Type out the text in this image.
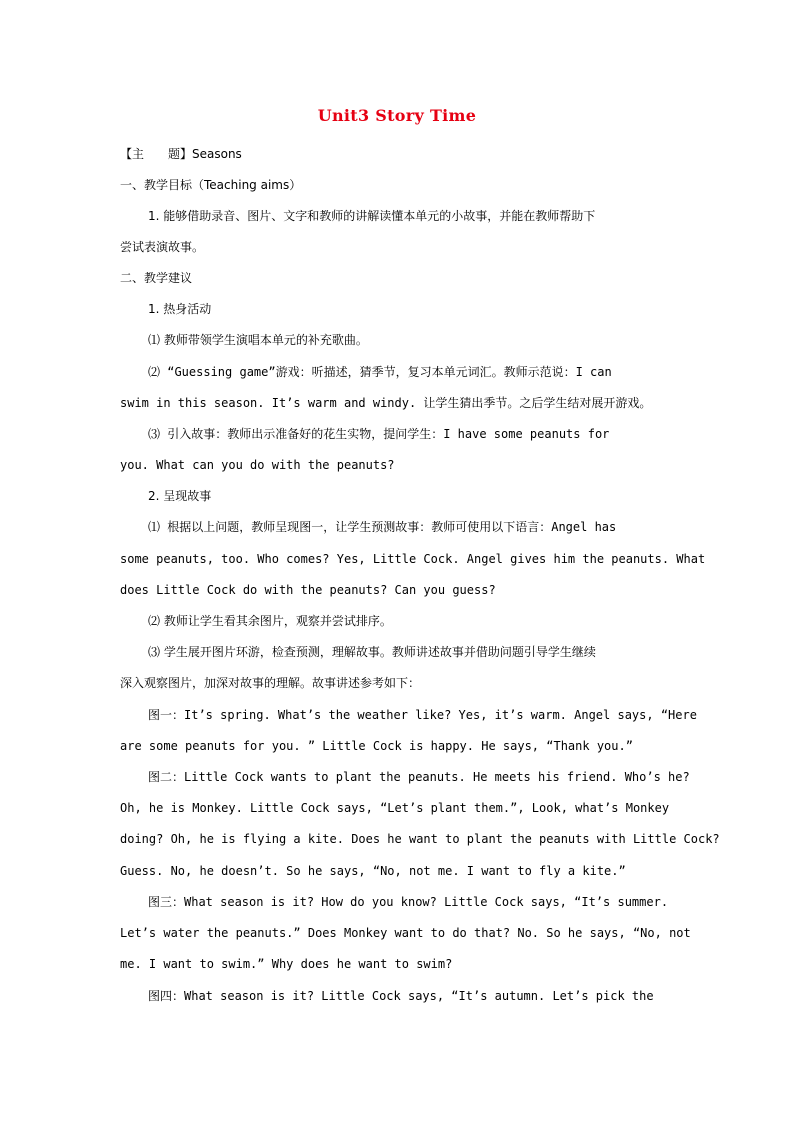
Unit3 Story Time
【主　　题】Seasons
一、教学目标（Teaching aims）
1. 能够借助录音、图片、文字和教师的讲解读懂本单元的小故事，并能在教师帮助下
尝试表演故事。
二、教学建议
1. 热身活动
⑴ 教师带领学生演唱本单元的补充歌曲。
⑵ “Guessing game”游戏：听描述，猜季节，复习本单元词汇。教师示范说：I can
swim in this season. It’s warm and windy. 让学生猜出季节。之后学生结对展开游戏。
⑶ 引入故事：教师出示准备好的花生实物，提问学生：I have some peanuts for
you. What can you do with the peanuts?
2. 呈现故事
⑴ 根据以上问题，教师呈现图一，让学生预测故事：教师可使用以下语言：Angel has
some peanuts, too. Who comes? Yes, Little Cock. Angel gives him the peanuts. What
does Little Cock do with the peanuts? Can you guess?
⑵ 教师让学生看其余图片，观察并尝试排序。
⑶ 学生展开图片环游，检查预测，理解故事。教师讲述故事并借助问题引导学生继续
深入观察图片，加深对故事的理解。故事讲述参考如下：
图一：It’s spring. What’s the weather like? Yes, it’s warm. Angel says, “Here
are some peanuts for you. ” Little Cock is happy. He says, “Thank you.”
图二：Little Cock wants to plant the peanuts. He meets his friend. Who’s he?
Oh, he is Monkey. Little Cock says, “Let’s plant them.”, Look, what’s Monkey
doing? Oh, he is flying a kite. Does he want to plant the peanuts with Little Cock?
Guess. No, he doesn’t. So he says, “No, not me. I want to fly a kite.”
图三：What season is it? How do you know? Little Cock says, “It’s summer.
Let’s water the peanuts.” Does Monkey want to do that? No. So he says, “No, not
me. I want to swim.” Why does he want to swim?
图四：What season is it? Little Cock says, “It’s autumn. Let’s pick the
